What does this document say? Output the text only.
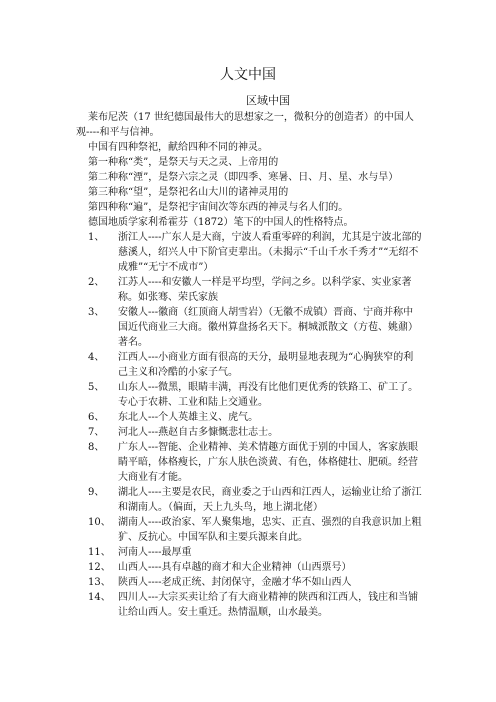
人文中国
区域中国

莱布尼茨（17 世纪德国最伟大的思想家之一，微积分的创造者）的中国人观----和平与信神。

中国有四种祭祀，献给四种不同的神灵。

第一种称“类”，是祭天与天之灵、上帝用的

第二种称“湮”，是祭六宗之灵（即四季、寒暑、日、月、星、水与旱）

第三种称“望”，是祭祀名山大川的诸神灵用的

第四种称“遍”，是祭祀宇宙间次等东西的神灵与名人们的。

德国地质学家利希霍芬（1872）笔下的中国人的性格特点。

1、	浙江人----广东人是大商，宁波人看重零碎的利润，尤其是宁波北部的慈溪人，绍兴人中下阶官吏辈出。（未揭示“千山千水千秀才”“无绍不成雅”“无宁不成市”）
2、	江苏人----和安徽人一样是平均型，学问之乡。以科学家、实业家著称。如张骞、荣氏家族
3、	安徽人---徽商（红顶商人胡雪岩）（无徽不成镇）晋商、宁商并称中国近代商业三大商。徽州算盘扬名天下。桐城派散文（方苞、姚鼐）著名。
4、	江西人---小商业方面有很高的天分，最明显地表现为“心胸狭窄的利己主义和冷酷的小家子气。
5、	山东人---微黑，眼睛丰满，再没有比他们更优秀的铁路工、矿工了。专心于农耕、工业和陆上交通业。
6、	东北人---个人英雄主义、虎气。
7、	河北人---燕赵自古多慷慨悲壮志士。
8、	广东人---智能、企业精神、美术情趣方面优于别的中国人，客家族眼睛平暗，体格瘦长，广东人肤色淡黄、有色，体格健壮、肥硕。经营大商业有才能。
9、	湖北人----主要是农民，商业委之于山西和江西人，运输业让给了浙江和湖南人。（偏面，天上九头鸟，地上湖北佬）
10、 湖南人----政治家、军人聚集地，忠实、正直、强烈的自我意识加上粗犷、反抗心。中国军队和主要兵源来自此。
11、 河南人----最厚重
12、 山西人----具有卓越的商才和大企业精神（山西票号）
13、 陕西人----老成正统、封闭保守，金融才华不如山西人
14、 四川人---大宗买卖让给了有大商业精神的陕西和江西人，钱庄和当铺让给山西人。安土重迁。热情温顺，山水最美。
